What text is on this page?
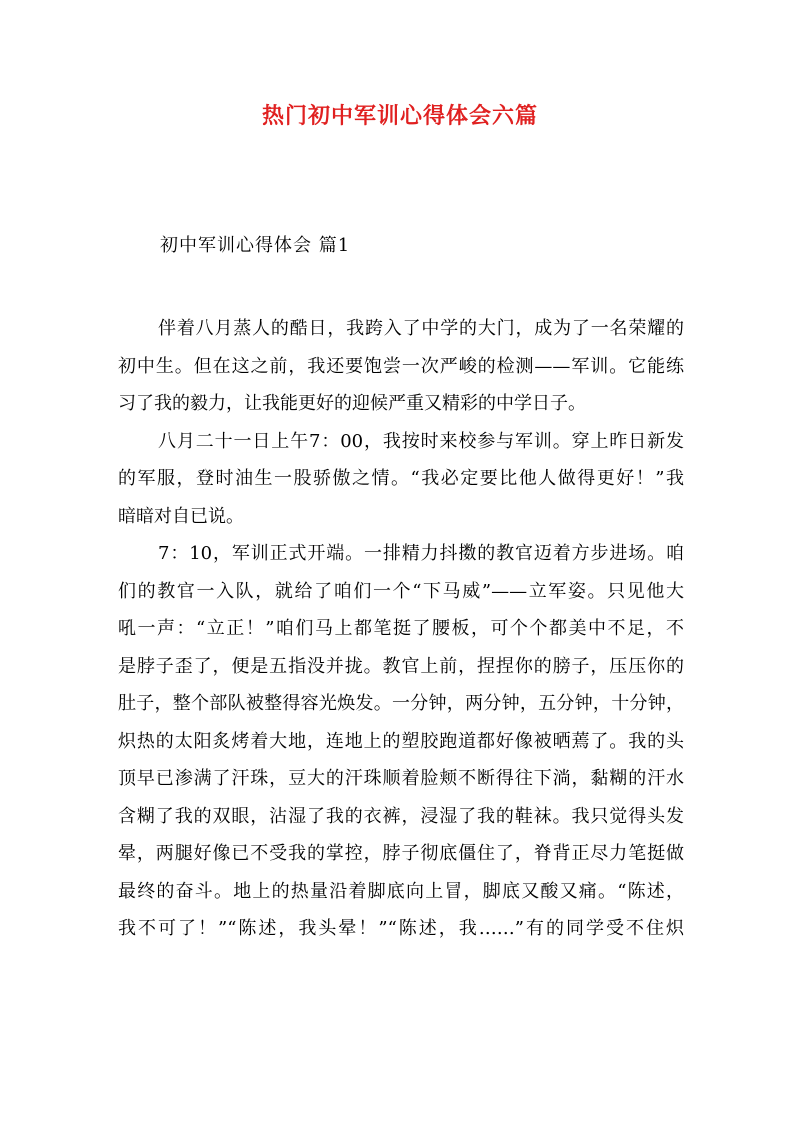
热门初中军训心得体会六篇
初中军训心得体会 篇1
伴着八月蒸人的酷日，我跨入了中学的大门，成为了一名荣耀的
初中生。但在这之前，我还要饱尝一次严峻的检测——军训。它能练
习了我的毅力，让我能更好的迎候严重又精彩的中学日子。
八月二十一日上午7：00，我按时来校参与军训。穿上昨日新发
的军服，登时油生一股骄傲之情。“我必定要比他人做得更好！”我
暗暗对自已说。
7：10，军训正式开端。一排精力抖擞的教官迈着方步进场。咱
们的教官一入队，就给了咱们一个“下马威”——立军姿。只见他大
吼一声：“立正！”咱们马上都笔挺了腰板，可个个都美中不足，不
是脖子歪了，便是五指没并拢。教官上前，捏捏你的膀子，压压你的
肚子，整个部队被整得容光焕发。一分钟，两分钟，五分钟，十分钟，
炽热的太阳炙烤着大地，连地上的塑胶跑道都好像被晒蔫了。我的头
顶早已渗满了汗珠，豆大的汗珠顺着脸颊不断得往下淌，黏糊的汗水
含糊了我的双眼，沾湿了我的衣裤，浸湿了我的鞋袜。我只觉得头发
晕，两腿好像已不受我的掌控，脖子彻底僵住了，脊背正尽力笔挺做
最终的奋斗。地上的热量沿着脚底向上冒，脚底又酸又痛。“陈述，
我不可了！”“陈述，我头晕！”“陈述，我……”有的同学受不住炽
